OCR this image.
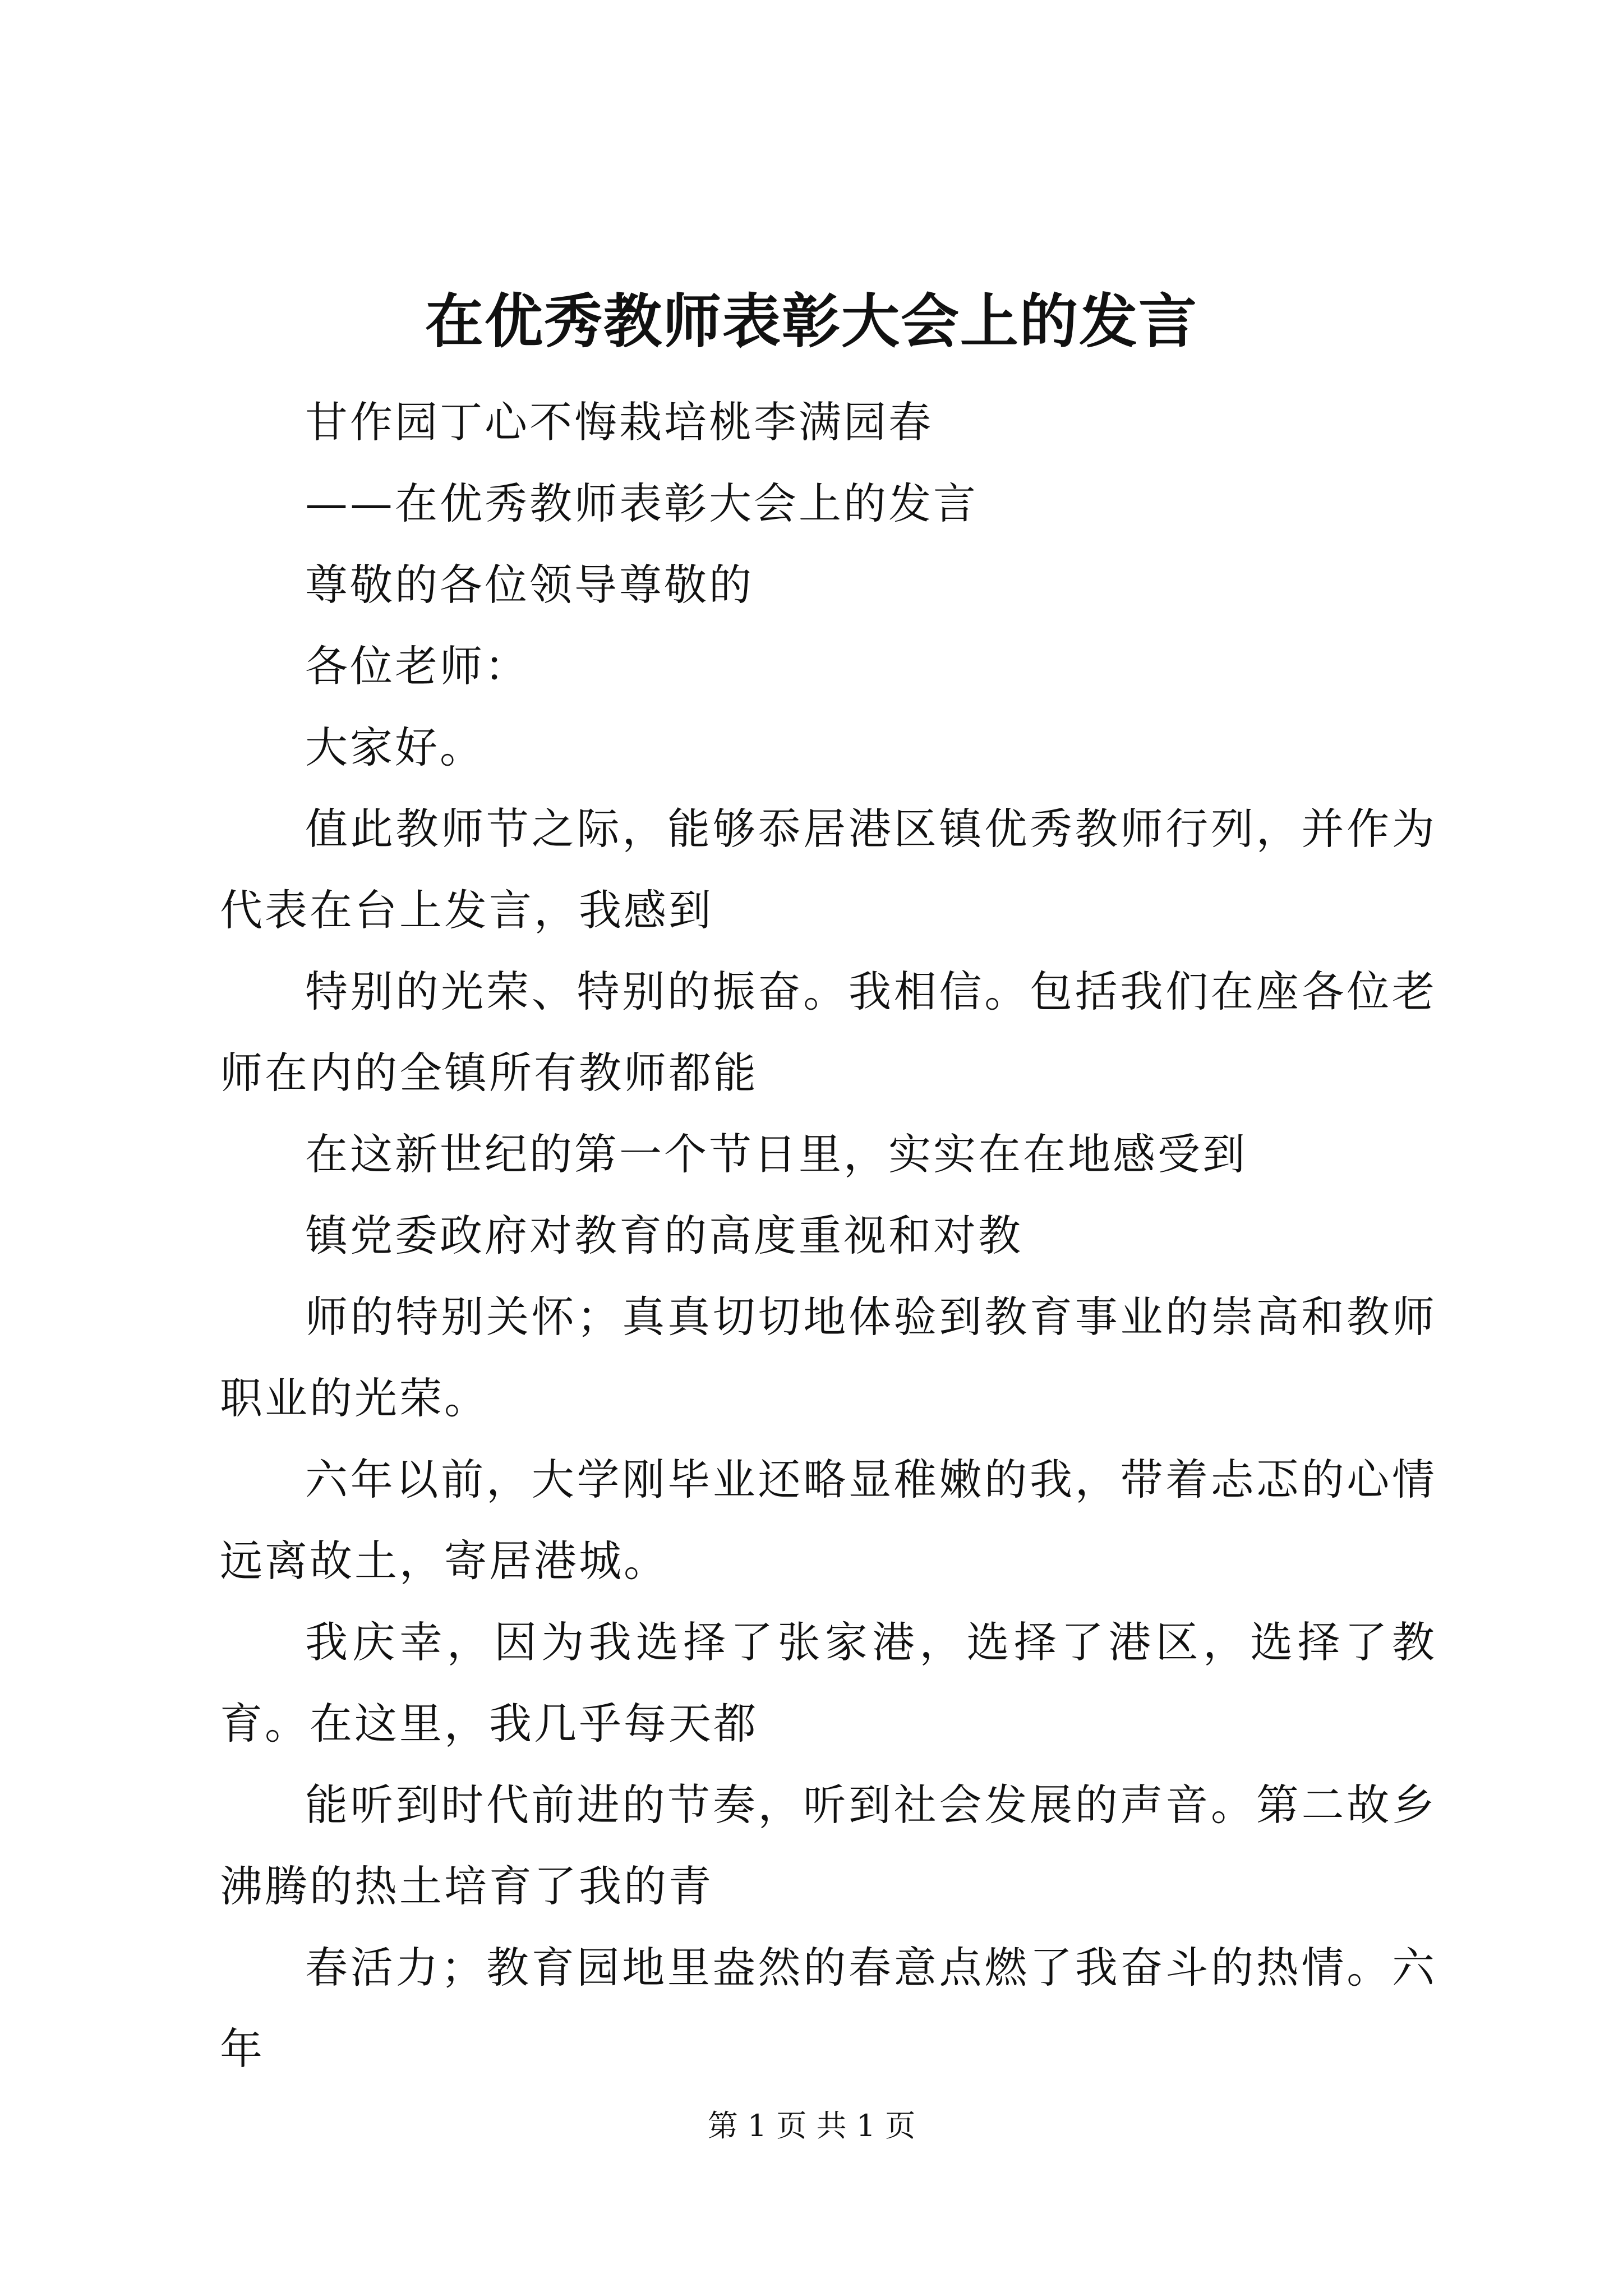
在优秀教师表彰大会上的发言

甘作园丁心不悔栽培桃李满园春

——在优秀教师表彰大会上的发言

尊敬的各位领导尊敬的

各位老师：

大家好。

值此教师节之际，能够忝居港区镇优秀教师行列，并作为代表在台上发言，我感到

特别的光荣、特别的振奋。我相信。包括我们在座各位老师在内的全镇所有教师都能

在这新世纪的第一个节日里，实实在在地感受到

镇党委政府对教育的高度重视和对教

师的特别关怀；真真切切地体验到教育事业的崇高和教师职业的光荣。

六年以前，大学刚毕业还略显稚嫩的我，带着忐忑的心情远离故土，寄居港城。

我庆幸，因为我选择了张家港，选择了港区，选择了教育。在这里，我几乎每天都

能听到时代前进的节奏，听到社会发展的声音。第二故乡沸腾的热土培育了我的青

春活力；教育园地里盎然的春意点燃了我奋斗的热情。六年

第 1 页 共 1 页
